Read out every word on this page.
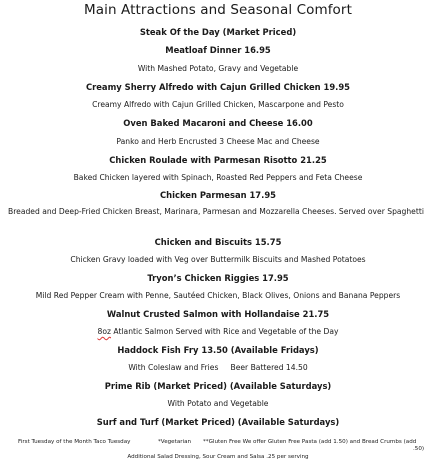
Main Attractions and Seasonal Comfort
Steak Of the Day (Market Priced)
Meatloaf Dinner 16.95
With Mashed Potato, Gravy and Vegetable
Creamy Sherry Alfredo with Cajun Grilled Chicken 19.95
Creamy Alfredo with Cajun Grilled Chicken, Mascarpone and Pesto
Oven Baked Macaroni and Cheese 16.00
Panko and Herb Encrusted 3 Cheese Mac and Cheese
Chicken Roulade with Parmesan Risotto 21.25
Baked Chicken layered with Spinach, Roasted Red Peppers and Feta Cheese
Chicken Parmesan 17.95
Breaded and Deep-Fried Chicken Breast, Marinara, Parmesan and Mozzarella Cheeses. Served over Spaghetti
Chicken and Biscuits 15.75
Chicken Gravy loaded with Veg over Buttermilk Biscuits and Mashed Potatoes
Tryon’s Chicken Riggies 17.95
Mild Red Pepper Cream with Penne, Sautéed Chicken, Black Olives, Onions and Banana Peppers
Walnut Crusted Salmon with Hollandaise 21.75
8oz Atlantic Salmon Served with Rice and Vegetable of the Day
Haddock Fish Fry 13.50 (Available Fridays)
With Coleslaw and Fries     Beer Battered 14.50
Prime Rib (Market Priced) (Available Saturdays)
With Potato and Vegetable
Surf and Turf (Market Priced) (Available Saturdays)
First Tuesday of the Month Taco Tuesday	*Vegetarian **Gluten Free We offer Gluten Free Pasta (add 1.50) and Bread Crumbs (add
.50)
Additional Salad Dressing, Sour Cream and Salsa .25 per serving
